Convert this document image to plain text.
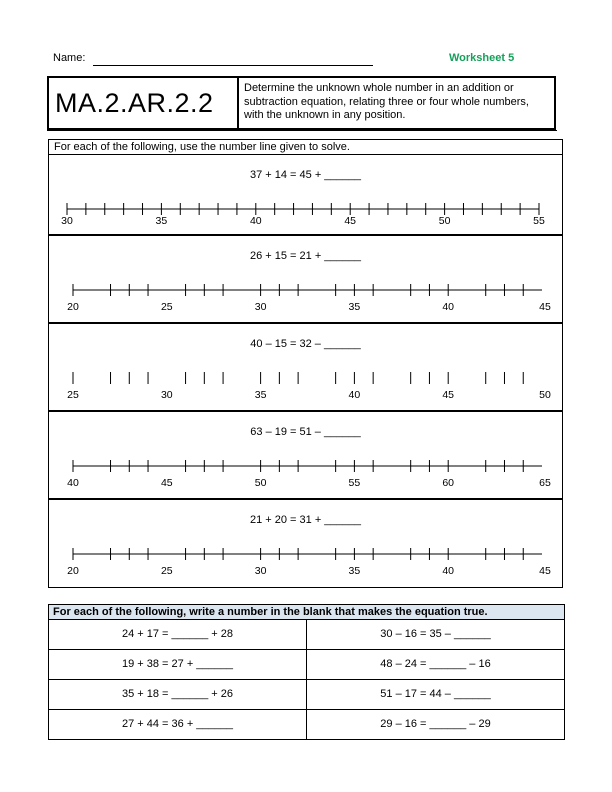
Name:	Worksheet 5
MA.2.AR.2.2	Determine the unknown whole number in an addition or subtraction equation, relating three or four whole numbers, with the unknown in any position.
For each of the following, use the number line given to solve.
37 + 14 = 45 + ______
30	35	40	45	50	55
26 + 15 = 21 + ______
20	25	30	35	40	45
40 – 15 = 32 – ______
25	30	35	40	45	50
63 – 19 = 51 – ______
40	45	50	55	60	65
21 + 20 = 31 + ______
20	25	30	35	40	45
For each of the following, write a number in the blank that makes the equation true.
24 + 17 = ______ + 28	30 – 16 = 35 – ______
19 + 38 = 27 + ______	48 – 24 = ______ – 16
35 + 18 = ______ + 26	51 – 17 = 44 – ______
27 + 44 = 36 + ______	29 – 16 = ______ – 29
